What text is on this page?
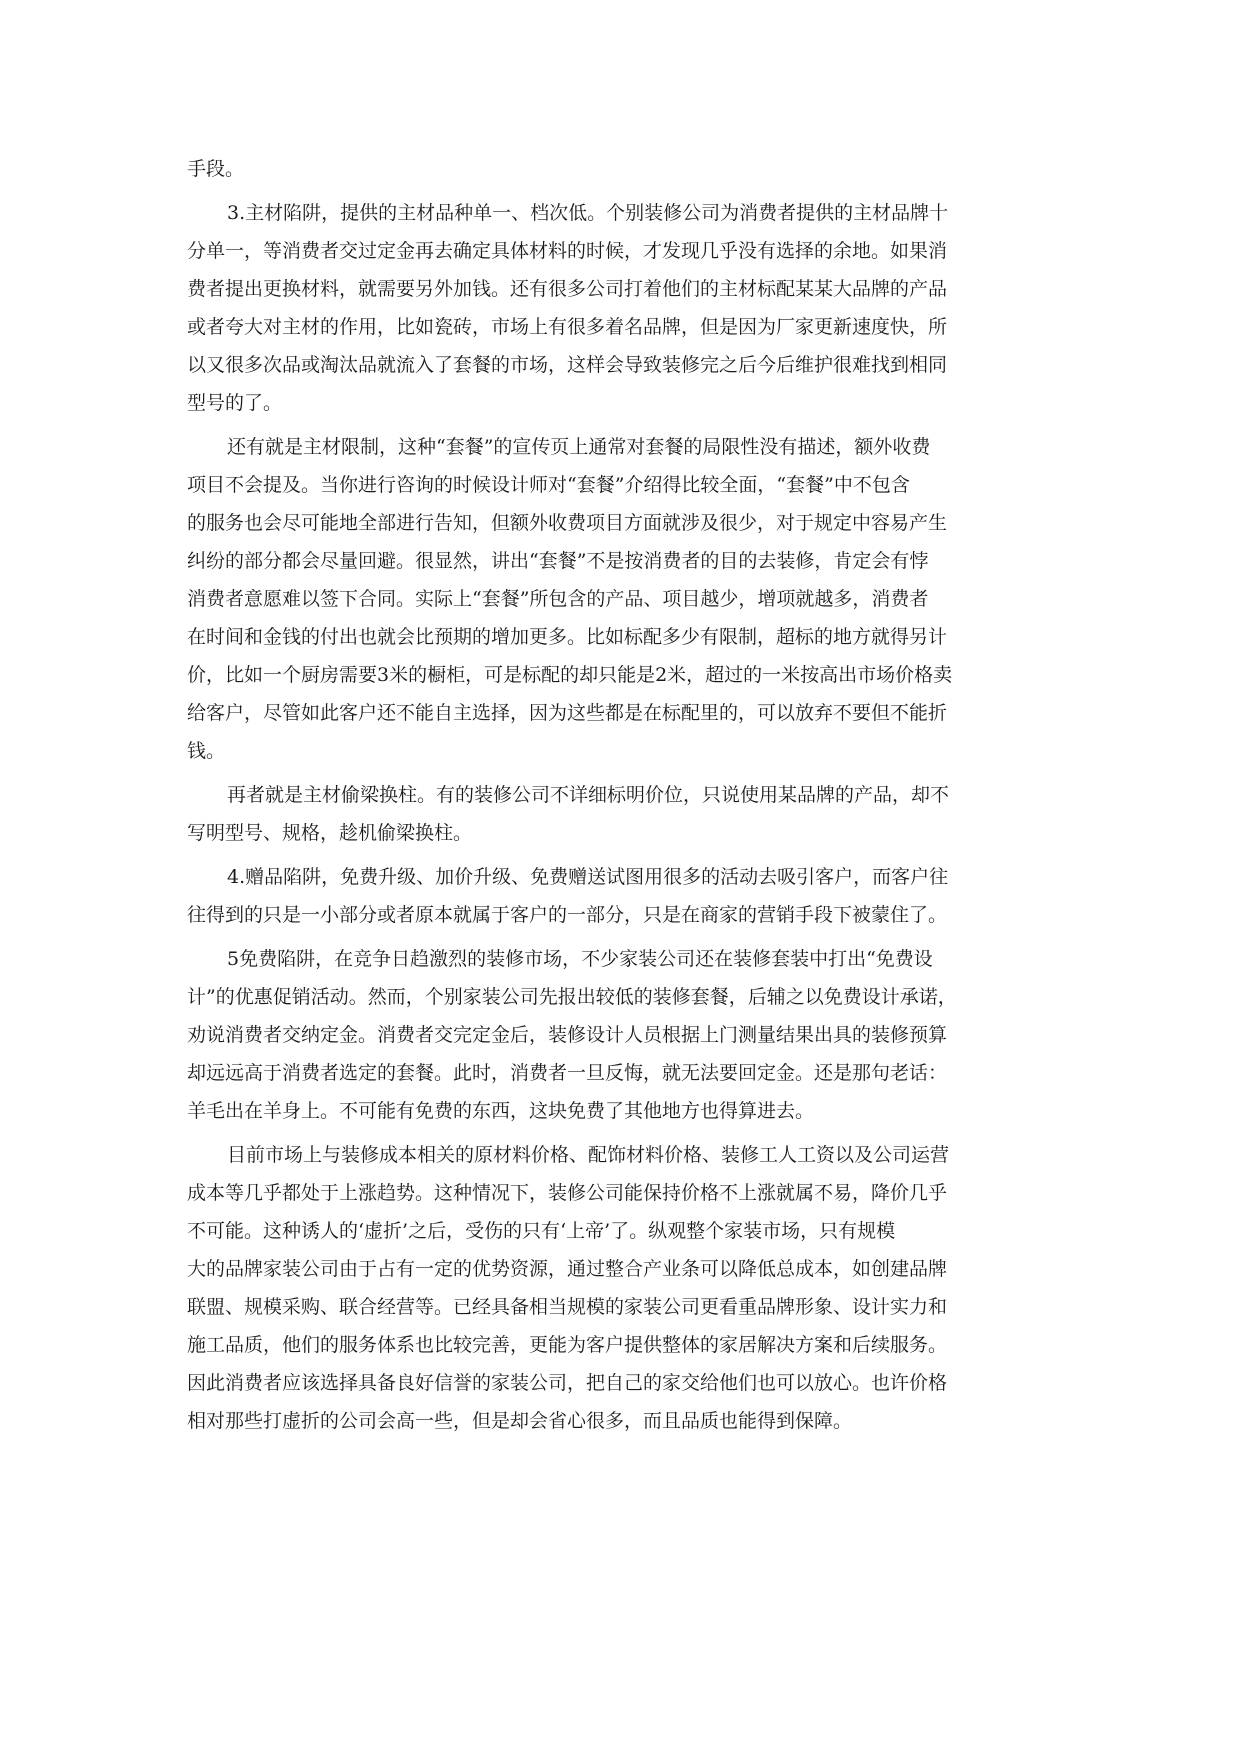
手段。
3.主材陷阱，提供的主材品种单一、档次低。个别装修公司为消费者提供的主材品牌十
分单一，等消费者交过定金再去确定具体材料的时候，才发现几乎没有选择的余地。如果消
费者提出更换材料，就需要另外加钱。还有很多公司打着他们的主材标配某某大品牌的产品
或者夸大对主材的作用，比如瓷砖，市场上有很多着名品牌，但是因为厂家更新速度快，所
以又很多次品或淘汰品就流入了套餐的市场，这样会导致装修完之后今后维护很难找到相同
型号的了。
还有就是主材限制，这种“套餐”的宣传页上通常对套餐的局限性没有描述，额外收费
项目不会提及。当你进行咨询的时候设计师对“套餐”介绍得比较全面，“套餐”中不包含
的服务也会尽可能地全部进行告知，但额外收费项目方面就涉及很少，对于规定中容易产生
纠纷的部分都会尽量回避。很显然，讲出“套餐”不是按消费者的目的去装修，肯定会有悖
消费者意愿难以签下合同。实际上“套餐”所包含的产品、项目越少，增项就越多，消费者
在时间和金钱的付出也就会比预期的增加更多。比如标配多少有限制，超标的地方就得另计
价，比如一个厨房需要3米的橱柜，可是标配的却只能是2米，超过的一米按高出市场价格卖
给客户，尽管如此客户还不能自主选择，因为这些都是在标配里的，可以放弃不要但不能折
钱。
再者就是主材偷梁换柱。有的装修公司不详细标明价位，只说使用某品牌的产品，却不
写明型号、规格，趁机偷梁换柱。
4.赠品陷阱，免费升级、加价升级、免费赠送试图用很多的活动去吸引客户，而客户往
往得到的只是一小部分或者原本就属于客户的一部分，只是在商家的营销手段下被蒙住了。
5免费陷阱，在竞争日趋激烈的装修市场，不少家装公司还在装修套装中打出“免费设
计”的优惠促销活动。然而，个别家装公司先报出较低的装修套餐，后辅之以免费设计承诺，
劝说消费者交纳定金。消费者交完定金后，装修设计人员根据上门测量结果出具的装修预算
却远远高于消费者选定的套餐。此时，消费者一旦反悔，就无法要回定金。还是那句老话：
羊毛出在羊身上。不可能有免费的东西，这块免费了其他地方也得算进去。
目前市场上与装修成本相关的原材料价格、配饰材料价格、装修工人工资以及公司运营
成本等几乎都处于上涨趋势。这种情况下，装修公司能保持价格不上涨就属不易，降价几乎
不可能。这种诱人的‘虚折’之后，受伤的只有‘上帝’了。纵观整个家装市场，只有规模
大的品牌家装公司由于占有一定的优势资源，通过整合产业条可以降低总成本，如创建品牌
联盟、规模采购、联合经营等。已经具备相当规模的家装公司更看重品牌形象、设计实力和
施工品质，他们的服务体系也比较完善，更能为客户提供整体的家居解决方案和后续服务。
因此消费者应该选择具备良好信誉的家装公司，把自己的家交给他们也可以放心。也许价格
相对那些打虚折的公司会高一些，但是却会省心很多，而且品质也能得到保障。
